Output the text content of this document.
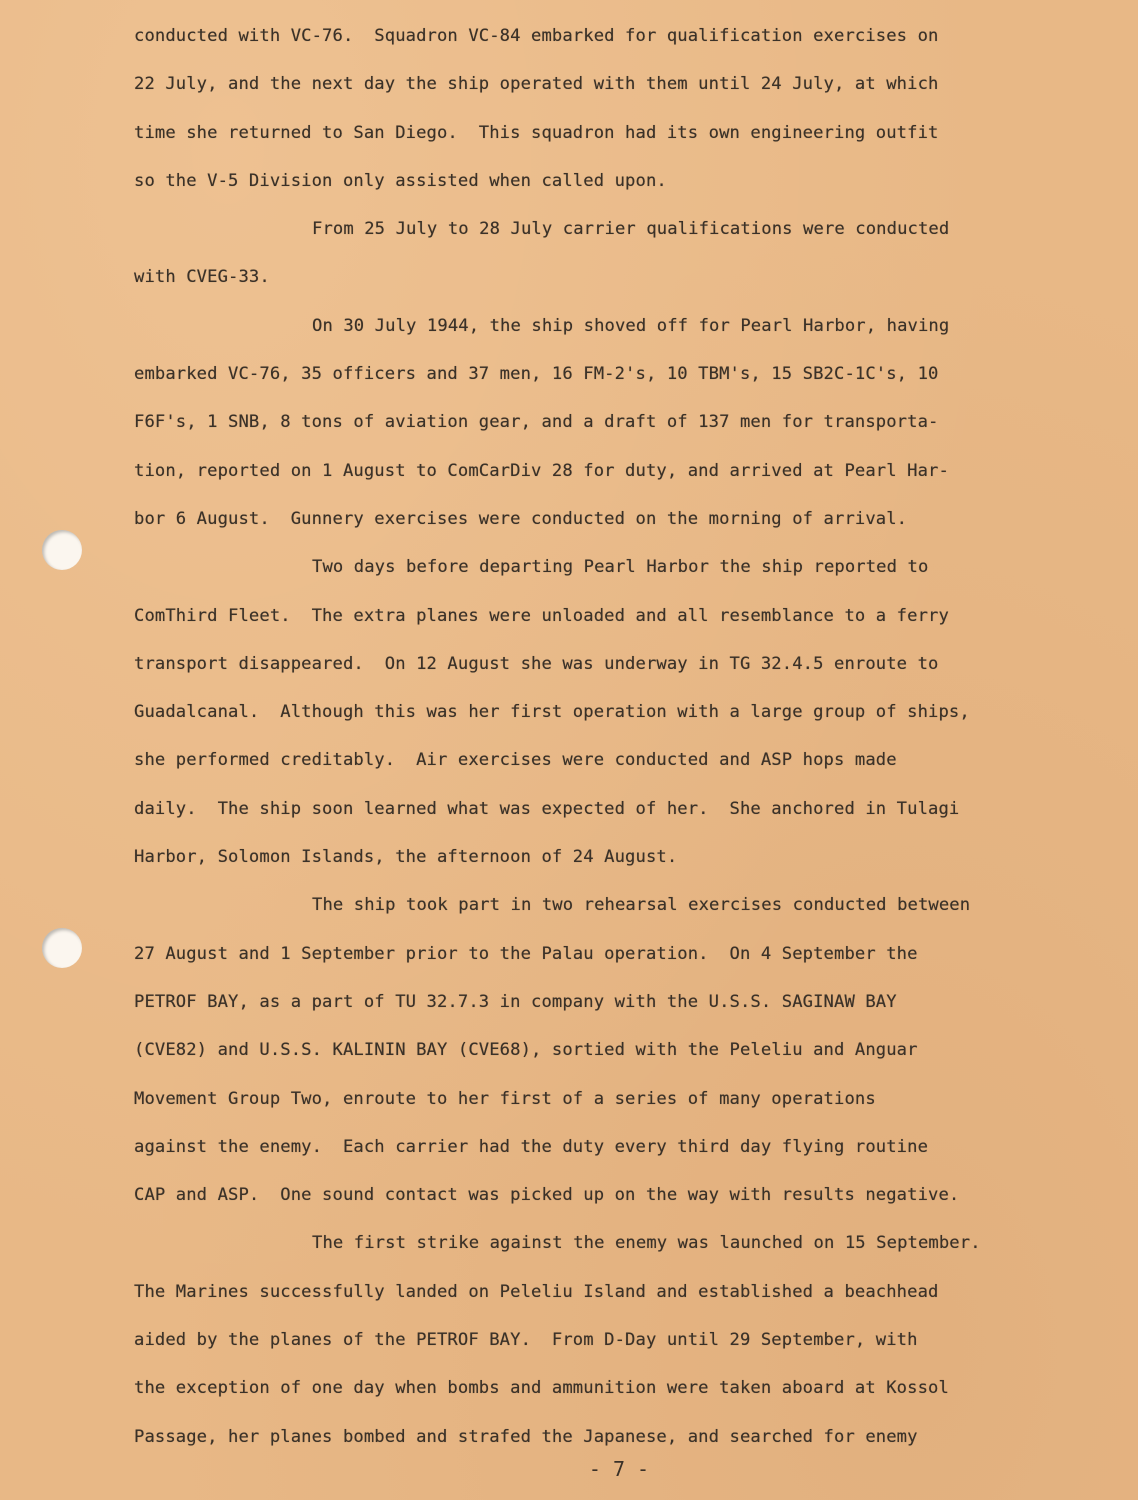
conducted with VC-76.  Squadron VC-84 embarked for qualification exercises on
22 July, and the next day the ship operated with them until 24 July, at which
time she returned to San Diego.  This squadron had its own engineering outfit
so the V-5 Division only assisted when called upon.
From 25 July to 28 July carrier qualifications were conducted
with CVEG-33.
On 30 July 1944, the ship shoved off for Pearl Harbor, having
embarked VC-76, 35 officers and 37 men, 16 FM-2's, 10 TBM's, 15 SB2C-1C's, 10
F6F's, 1 SNB, 8 tons of aviation gear, and a draft of 137 men for transporta-
tion, reported on 1 August to ComCarDiv 28 for duty, and arrived at Pearl Har-
bor 6 August.  Gunnery exercises were conducted on the morning of arrival.
Two days before departing Pearl Harbor the ship reported to
ComThird Fleet.  The extra planes were unloaded and all resemblance to a ferry
transport disappeared.  On 12 August she was underway in TG 32.4.5 enroute to
Guadalcanal.  Although this was her first operation with a large group of ships,
she performed creditably.  Air exercises were conducted and ASP hops made
daily.  The ship soon learned what was expected of her.  She anchored in Tulagi
Harbor, Solomon Islands, the afternoon of 24 August.
The ship took part in two rehearsal exercises conducted between
27 August and 1 September prior to the Palau operation.  On 4 September the
PETROF BAY, as a part of TU 32.7.3 in company with the U.S.S. SAGINAW BAY
(CVE82) and U.S.S. KALININ BAY (CVE68), sortied with the Peleliu and Anguar
Movement Group Two, enroute to her first of a series of many operations
against the enemy.  Each carrier had the duty every third day flying routine
CAP and ASP.  One sound contact was picked up on the way with results negative.
The first strike against the enemy was launched on 15 September.
The Marines successfully landed on Peleliu Island and established a beachhead
aided by the planes of the PETROF BAY.  From D-Day until 29 September, with
the exception of one day when bombs and ammunition were taken aboard at Kossol
Passage, her planes bombed and strafed the Japanese, and searched for enemy
- 7 -
